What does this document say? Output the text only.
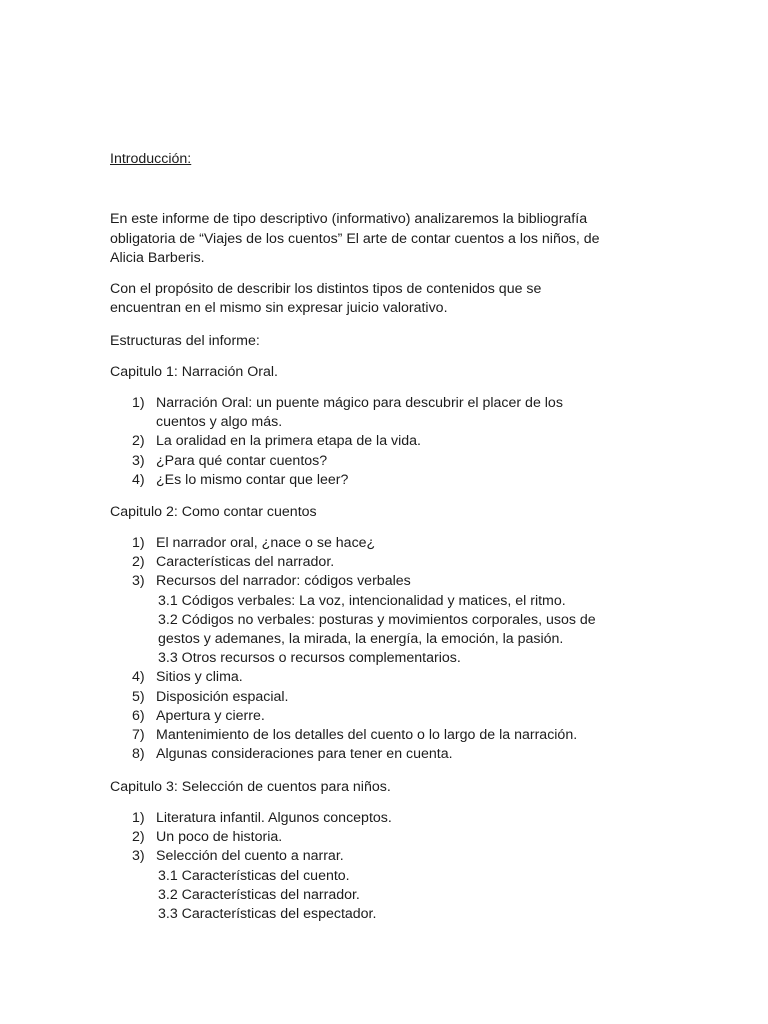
Introducción:
En este informe de tipo descriptivo (informativo) analizaremos la bibliografía
obligatoria de “Viajes de los cuentos” El arte de contar cuentos a los niños, de
Alicia Barberis.
Con el propósito de describir los distintos tipos de contenidos que se
encuentran en el mismo sin expresar juicio valorativo.
Estructuras del informe:
Capitulo 1: Narración Oral.
1) Narración Oral: un puente mágico para descubrir el placer de los
cuentos y algo más.
2) La oralidad en la primera etapa de la vida.
3) ¿Para qué contar cuentos?
4) ¿Es lo mismo contar que leer?
Capitulo 2: Como contar cuentos
1) El narrador oral, ¿nace o se hace¿
2) Características del narrador.
3) Recursos del narrador: códigos verbales
3.1 Códigos verbales: La voz, intencionalidad y matices, el ritmo.
3.2 Códigos no verbales: posturas y movimientos corporales, usos de
gestos y ademanes, la mirada, la energía, la emoción, la pasión.
3.3 Otros recursos o recursos complementarios.
4) Sitios y clima.
5) Disposición espacial.
6) Apertura y cierre.
7) Mantenimiento de los detalles del cuento o lo largo de la narración.
8) Algunas consideraciones para tener en cuenta.
Capitulo 3: Selección de cuentos para niños.
1) Literatura infantil. Algunos conceptos.
2) Un poco de historia.
3) Selección del cuento a narrar.
3.1 Características del cuento.
3.2 Características del narrador.
3.3 Características del espectador.
